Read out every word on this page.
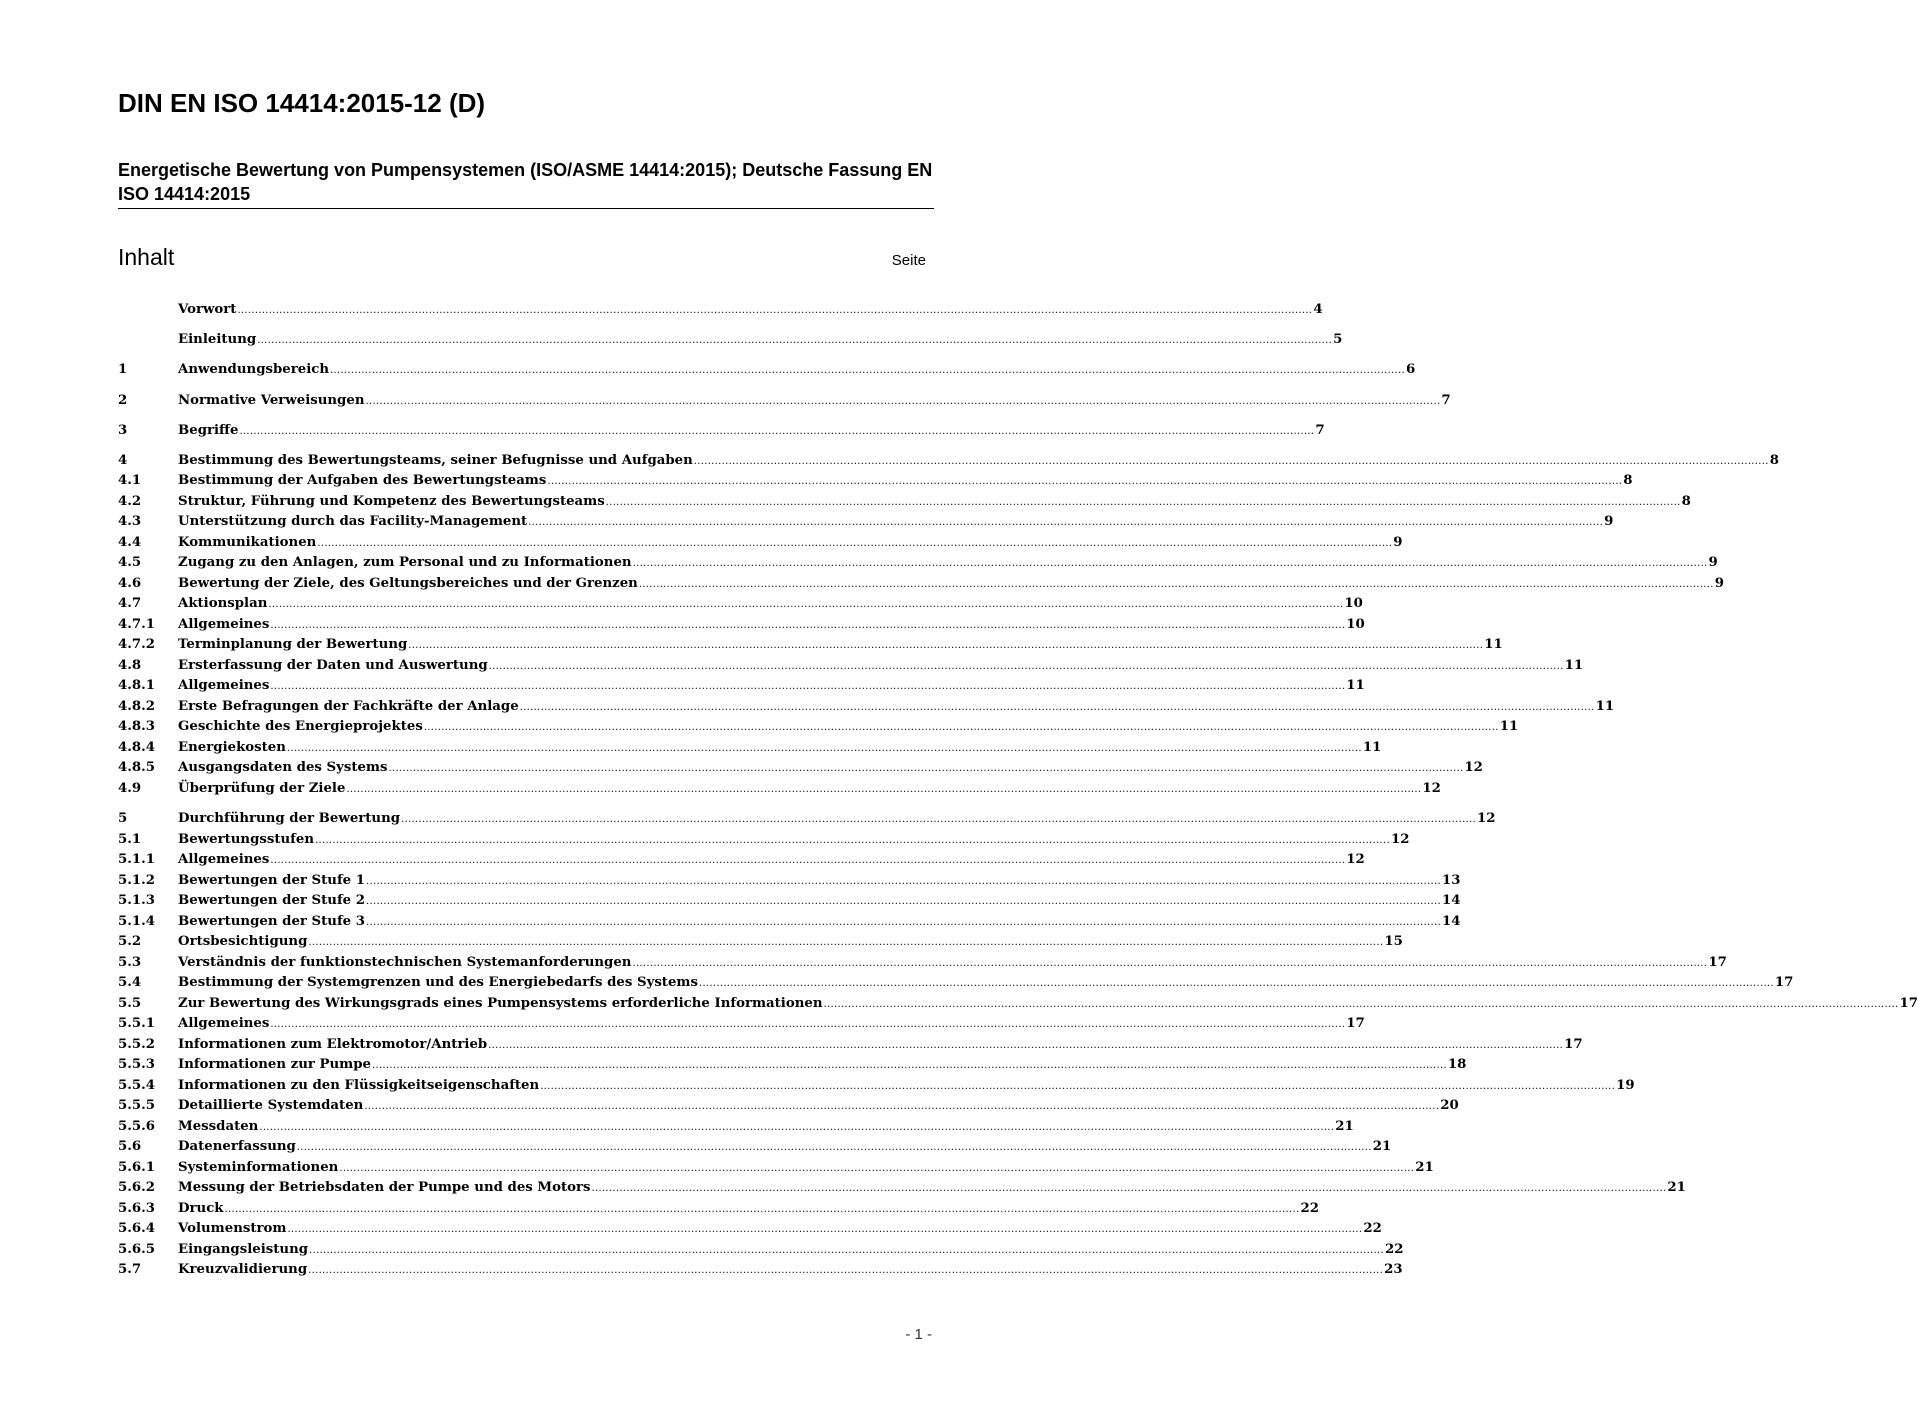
DIN EN ISO 14414:2015-12 (D)
Energetische Bewertung von Pumpensystemen (ISO/ASME 14414:2015); Deutsche Fassung EN ISO 14414:2015
Inhalt	Seite
Vorwort .....	4
Einleitung .....	5
1	Anwendungsbereich .....	6
2	Normative Verweisungen .....	7
3	Begriffe .....	7
4	Bestimmung des Bewertungsteams, seiner Befugnisse und Aufgaben .....	8
4.1	Bestimmung der Aufgaben des Bewertungsteams .....	8
4.2	Struktur, Führung und Kompetenz des Bewertungsteams .....	8
4.3	Unterstützung durch das Facility-Management .....	9
4.4	Kommunikationen .....	9
4.5	Zugang zu den Anlagen, zum Personal und zu Informationen .....	9
4.6	Bewertung der Ziele, des Geltungsbereiches und der Grenzen .....	9
4.7	Aktionsplan .....	10
4.7.1	Allgemeines .....	10
4.7.2	Terminplanung der Bewertung .....	11
4.8	Ersterfassung der Daten und Auswertung .....	11
4.8.1	Allgemeines .....	11
4.8.2	Erste Befragungen der Fachkräfte der Anlage .....	11
4.8.3	Geschichte des Energieprojektes .....	11
4.8.4	Energiekosten .....	11
4.8.5	Ausgangsdaten des Systems .....	12
4.9	Überprüfung der Ziele .....	12
5	Durchführung der Bewertung .....	12
5.1	Bewertungsstufen .....	12
5.1.1	Allgemeines .....	12
5.1.2	Bewertungen der Stufe 1 .....	13
5.1.3	Bewertungen der Stufe 2 .....	14
5.1.4	Bewertungen der Stufe 3 .....	14
5.2	Ortsbesichtigung .....	15
5.3	Verständnis der funktionstechnischen Systemanforderungen .....	17
5.4	Bestimmung der Systemgrenzen und des Energiebedarfs des Systems .....	17
5.5	Zur Bewertung des Wirkungsgrads eines Pumpensystems erforderliche Informationen .....	17
5.5.1	Allgemeines .....	17
5.5.2	Informationen zum Elektromotor/Antrieb .....	17
5.5.3	Informationen zur Pumpe .....	18
5.5.4	Informationen zu den Flüssigkeitseigenschaften .....	19
5.5.5	Detaillierte Systemdaten .....	20
5.5.6	Messdaten .....	21
5.6	Datenerfassung .....	21
5.6.1	Systeminformationen .....	21
5.6.2	Messung der Betriebsdaten der Pumpe und des Motors .....	21
5.6.3	Druck .....	22
5.6.4	Volumenstrom .....	22
5.6.5	Eingangsleistung .....	22
5.7	Kreuzvalidierung .....	23
- 1 -
